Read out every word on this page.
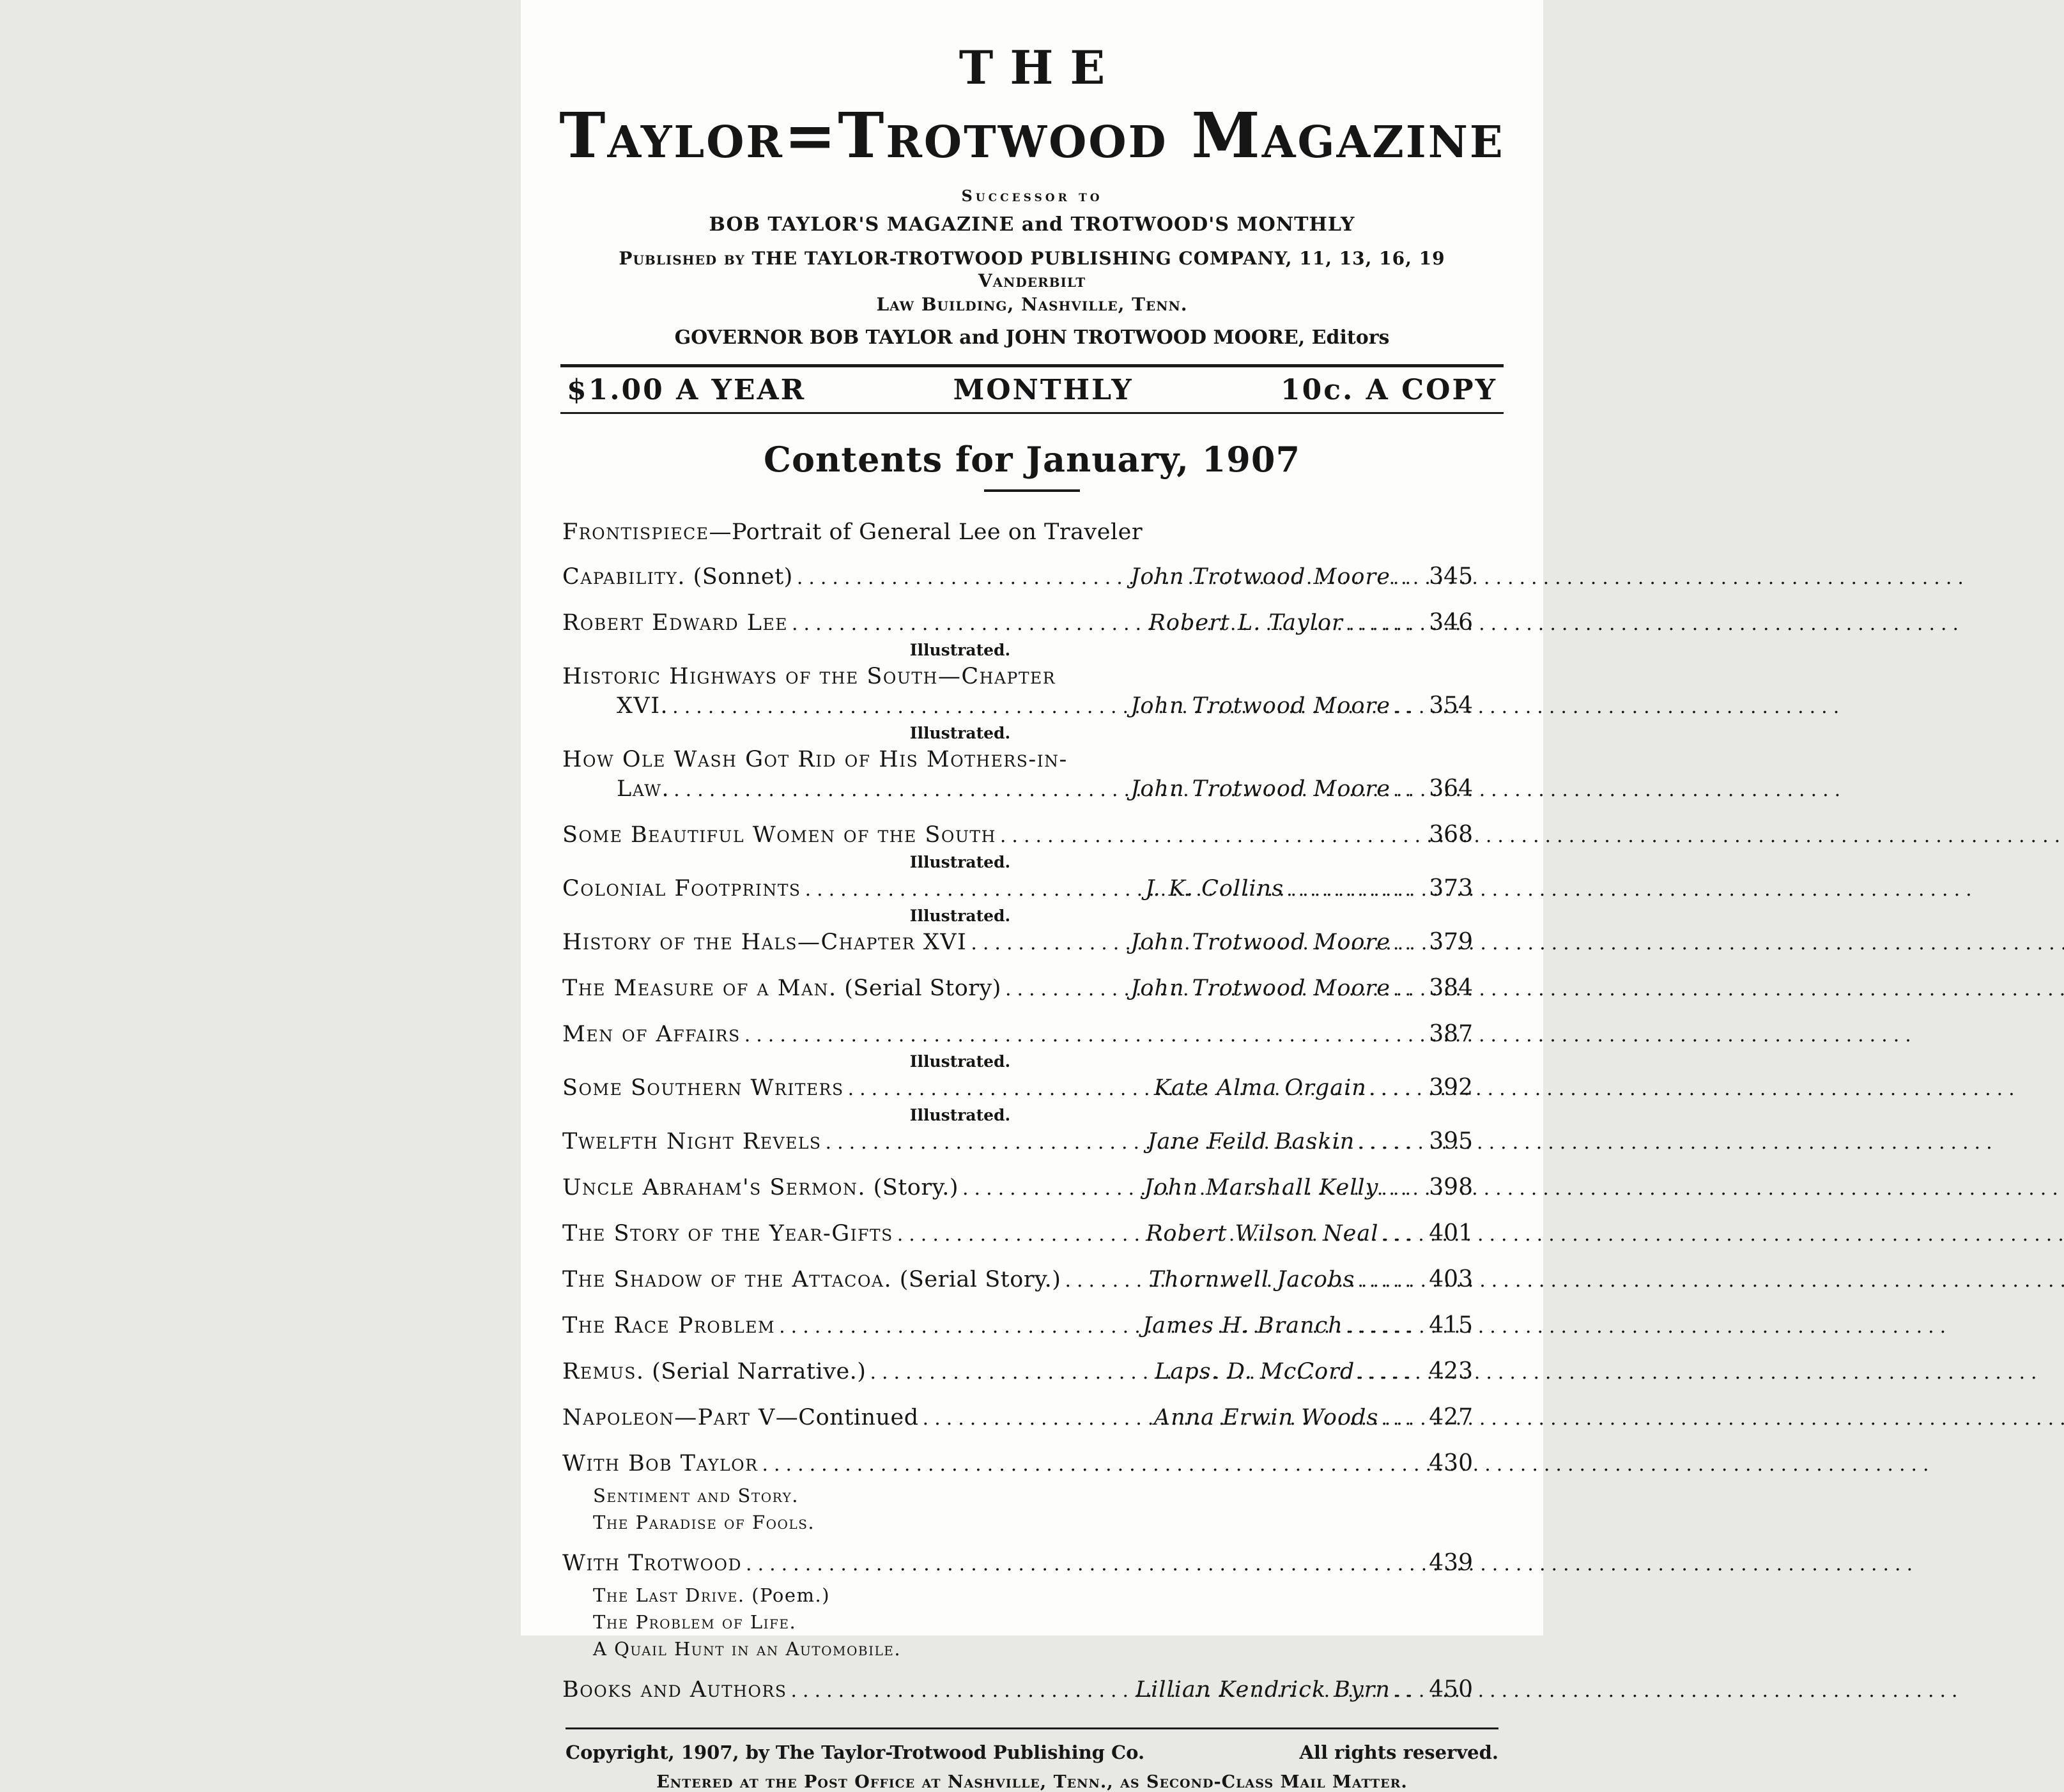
THE
Taylor=Trotwood Magazine
Successor to
BOB TAYLOR'S MAGAZINE and TROTWOOD'S MONTHLY
Published by THE TAYLOR-TROTWOOD PUBLISHING COMPANY, 11, 13, 16, 19 Vanderbilt
Law Building, Nashville, Tenn.
GOVERNOR BOB TAYLOR and JOHN TROTWOOD MOORE, Editors
$1.00 A YEAR	MONTHLY	10c. A COPY
Contents for January, 1907
Frontispiece—Portrait of General Lee on Traveler
Capability. (Sonnet) .....	John Trotwood Moore .. 345
Robert Edward Lee .....	Robert L. Taylor ...... 346
Illustrated.
Historic Highways of the South—Chapter
XVI. .....	John Trotwood Moore .. 354
Illustrated.
How Ole Wash Got Rid of His Mothers-in-
Law. .....	John Trotwood Moore .. 364
Some Beautiful Women of the South .....	368
Illustrated.
Colonial Footprints .....	J. K. Collins ........... 373
Illustrated.
History of the Hals—Chapter XVI .....	John Trotwood Moore .. 379
The Measure of a Man. (Serial Story) .....	John Trotwood Moore .. 384
Men of Affairs .....	387
Illustrated.
Some Southern Writers .....	Kate Alma Orgain .... 392
Illustrated.
Twelfth Night Revels .....	Jane Feild Baskin ..... 395
Uncle Abraham's Sermon. (Story.) .....	John Marshall Kelly ... 398
The Story of the Year-Gifts .....	Robert Wilson Neal ... 401
The Shadow of the Attacoa. (Serial Story.) .....	Thornwell Jacobs ..... 403
The Race Problem .....	James H. Branch ...... 415
Remus. (Serial Narrative.) .....	Laps. D. McCord ..... 423
Napoleon—Part V—Continued .....	Anna Erwin Woods ... 427
With Bob Taylor .....	430
Sentiment and Story.
The Paradise of Fools.
With Trotwood .....	439
The Last Drive. (Poem.)
The Problem of Life.
A Quail Hunt in an Automobile.
Books and Authors .....	Lillian Kendrick Byrn .. 450
Copyright, 1907, by The Taylor-Trotwood Publishing Co.	All rights reserved.
Entered at the Post Office at Nashville, Tenn., as Second-Class Mail Matter.
